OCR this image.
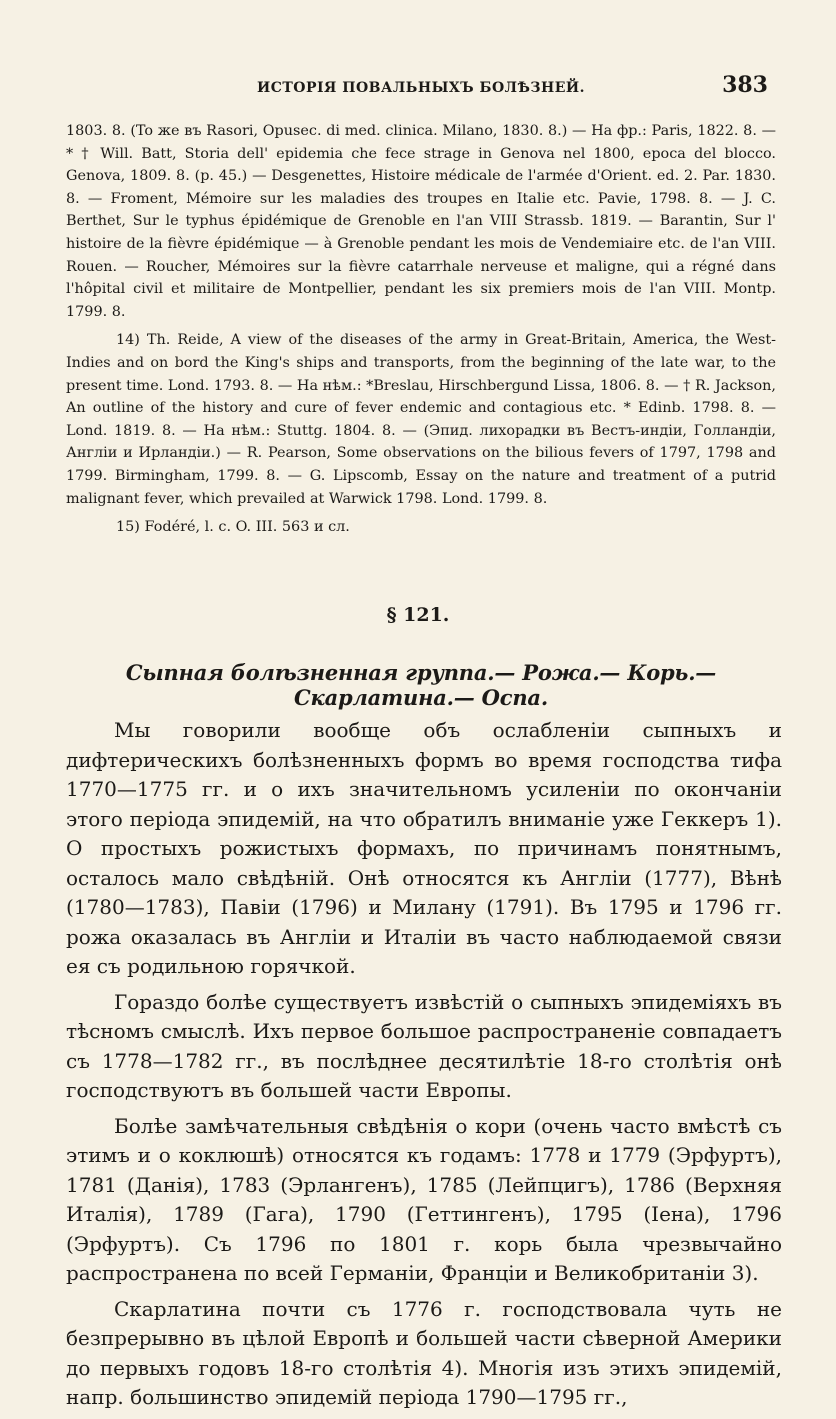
ИСТОРІЯ ПОВАЛЬНЫХЪ БОЛѢЗНЕЙ.	383

1803. 8. (To же въ Rasori, Opusec. di med. clinica. Milano, 1830. 8.) — На фр.: Paris, 1822. 8. — * † Will. Batt, Storia dell' epidemia che fece strage in Genova nel 1800, epoca del blocco. Genova, 1809. 8. (p. 45.) — Desgenettes, Histoire médicale de l'armée d'Orient. ed. 2. Par. 1830. 8. — Froment, Mémoire sur les maladies des troupes en Italie etc. Pavie, 1798. 8. — J. C. Berthet, Sur le typhus épidémique de Grenoble en l'an VIII Strassb. 1819. — Barantin, Sur l' histoire de la fièvre épidémique — à Grenoble pendant les mois de Vendemiaire etc. de l'an VIII. Rouen. — Roucher, Mémoires sur la fièvre catarrhale nerveuse et maligne, qui a régné dans l'hôpital civil et militaire de Montpellier, pendant les six premiers mois de l'an VIII. Montp. 1799. 8.

14) Th. Reide, A view of the diseases of the army in Great-Britain, America, the West-Indies and on bord the King's ships and transports, from the beginning of the late war, to the present time. Lond. 1793. 8. — На нѣм.: *Breslau, Hirschbergund Lissa, 1806. 8. — † R. Jackson, An outline of the history and cure of fever endemic and contagious etc. * Edinb. 1798. 8. — Lond. 1819. 8. — На нѣм.: Stuttg. 1804. 8. — (Эпид. лихорадки въ Вестъ-индіи, Голландіи, Англіи и Ирландіи.) — R. Pearson, Some observations on the bilious fevers of 1797, 1798 and 1799. Birmingham, 1799. 8. — G. Lipscomb, Essay on the nature and treatment of a putrid malignant fever, which prevailed at Warwick 1798. Lond. 1799. 8.

15) Fodéré, l. c. O. III. 563 и сл.

§ 121.
Сыпная болѣзненная группа.— Рожа.— Корь.— Скарлатина.— Оспа.

Мы говорили вообще объ ослабленіи сыпныхъ и дифтерическихъ болѣзненныхъ формъ во время господства тифа 1770—1775 гг. и о ихъ значительномъ усиленіи по окончаніи этого періода эпидемій, на что обратилъ вниманіе уже Геккеръ 1). О простыхъ рожистыхъ формахъ, по причинамъ понятнымъ, осталось мало свѣдѣній. Онѣ относятся къ Англіи (1777), Вѣнѣ (1780—1783), Павіи (1796) и Милану (1791). Въ 1795 и 1796 гг. рожа оказалась въ Англіи и Италіи въ часто наблюдаемой связи ея съ родильною горячкой.

Гораздо болѣе существуетъ извѣстій о сыпныхъ эпидеміяхъ въ тѣсномъ смыслѣ. Ихъ первое большое распространеніе совпадаетъ съ 1778—1782 гг., въ послѣднее десятилѣтіе 18-го столѣтія онѣ господствуютъ въ большей части Европы.

Болѣе замѣчательныя свѣдѣнія о кори (очень часто вмѣстѣ съ этимъ и о коклюшѣ) относятся къ годамъ: 1778 и 1779 (Эрфуртъ), 1781 (Данія), 1783 (Эрлангенъ), 1785 (Лейпцигъ), 1786 (Верхняя Италія), 1789 (Гага), 1790 (Геттингенъ), 1795 (Іена), 1796 (Эрфуртъ). Съ 1796 по 1801 г. корь была чрезвычайно распространена по всей Германіи, Франціи и Великобританіи 3).

Скарлатина почти съ 1776 г. господствовала чуть не безпрерывно въ цѣлой Европѣ и большей части сѣверной Америки до первыхъ годовъ 18-го столѣтія 4). Многія изъ этихъ эпидемій, напр. большинство эпидемій періода 1790—1795 гг.,
